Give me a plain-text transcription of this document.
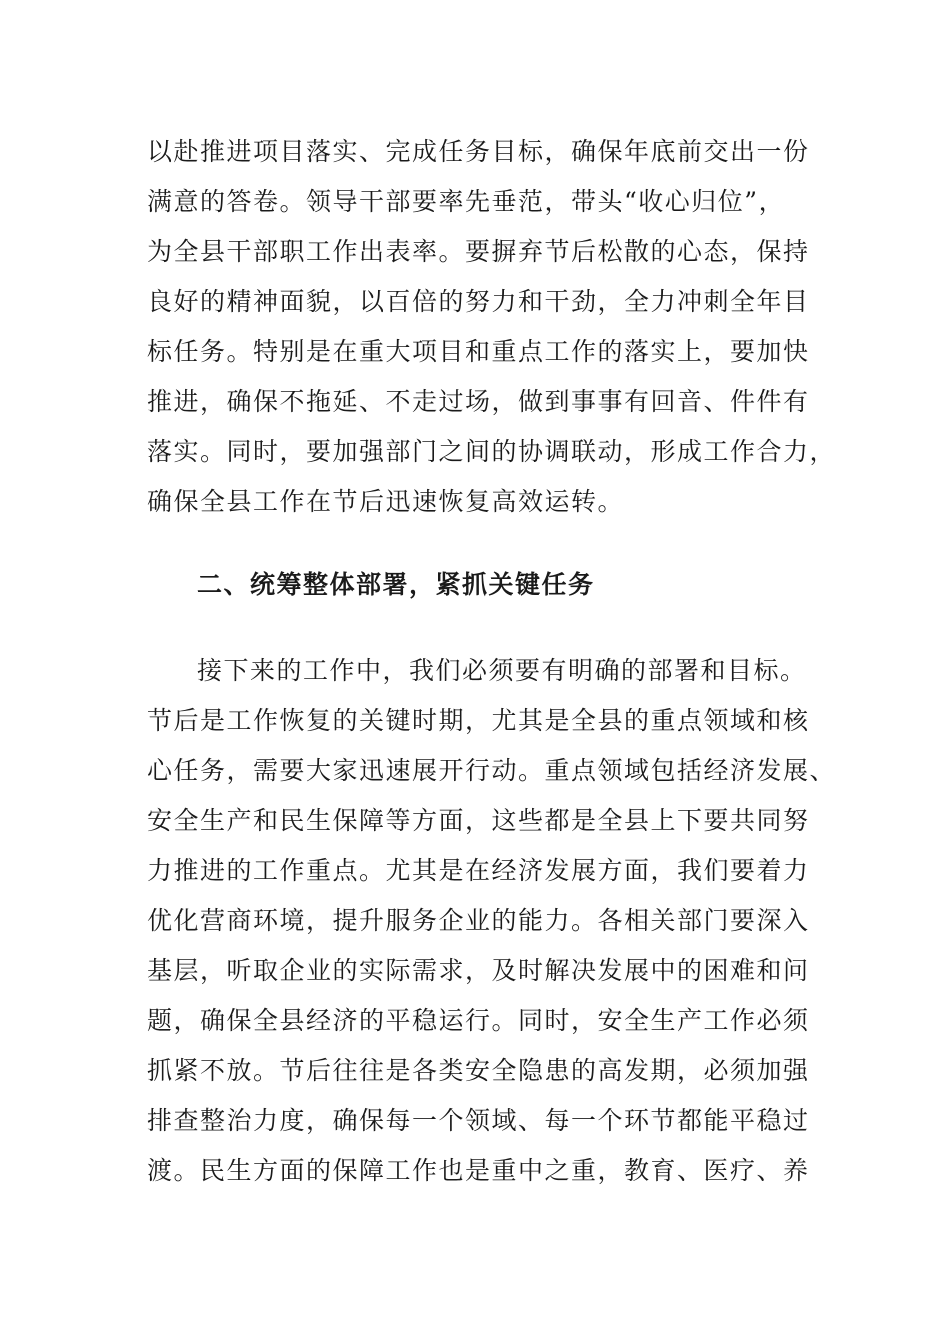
以赴推进项目落实、完成任务目标，确保年底前交出一份
满意的答卷。领导干部要率先垂范，带头“收心归位”，
为全县干部职工作出表率。要摒弃节后松散的心态，保持
良好的精神面貌，以百倍的努力和干劲，全力冲刺全年目
标任务。特别是在重大项目和重点工作的落实上，要加快
推进，确保不拖延、不走过场，做到事事有回音、件件有
落实。同时，要加强部门之间的协调联动，形成工作合力，
确保全县工作在节后迅速恢复高效运转。
二、统筹整体部署，紧抓关键任务
接下来的工作中，我们必须要有明确的部署和目标。
节后是工作恢复的关键时期，尤其是全县的重点领域和核
心任务，需要大家迅速展开行动。重点领域包括经济发展、
安全生产和民生保障等方面，这些都是全县上下要共同努
力推进的工作重点。尤其是在经济发展方面，我们要着力
优化营商环境，提升服务企业的能力。各相关部门要深入
基层，听取企业的实际需求，及时解决发展中的困难和问
题，确保全县经济的平稳运行。同时，安全生产工作必须
抓紧不放。节后往往是各类安全隐患的高发期，必须加强
排查整治力度，确保每一个领域、每一个环节都能平稳过
渡。民生方面的保障工作也是重中之重，教育、医疗、养
